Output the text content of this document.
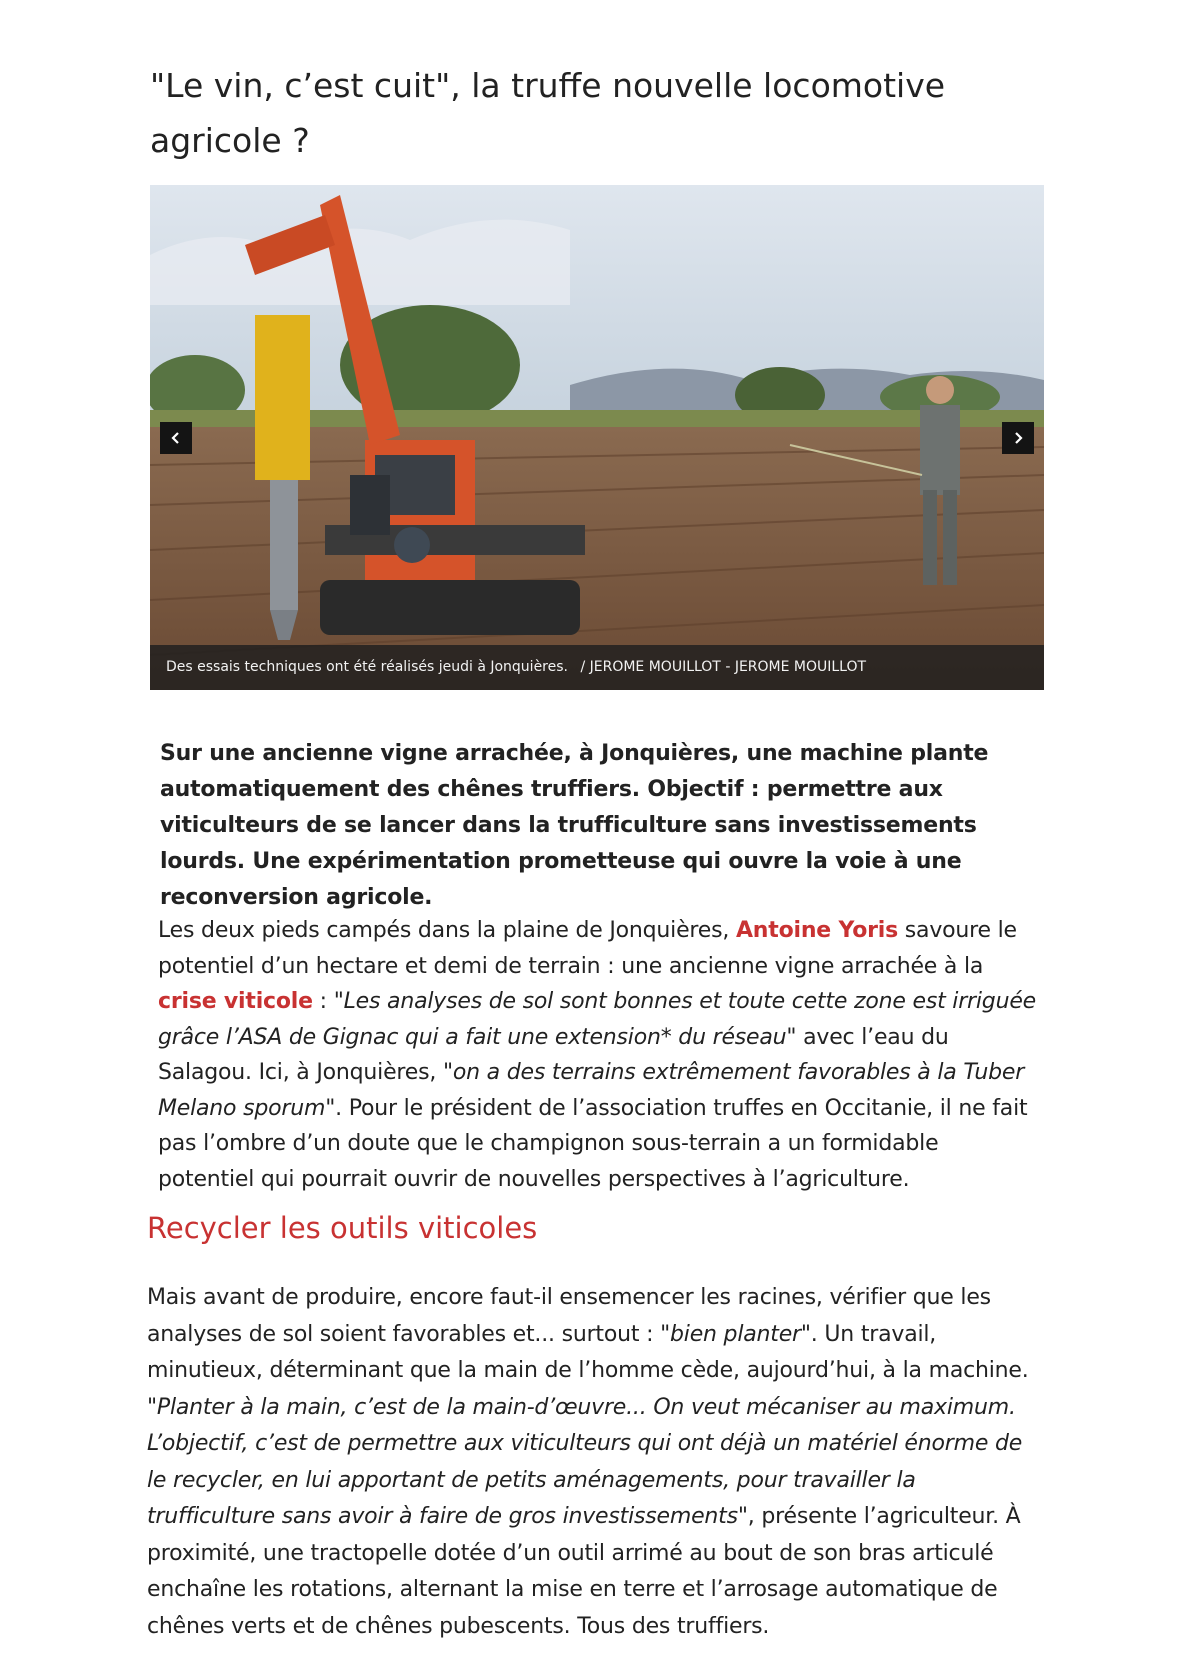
"Le vin, c’est cuit", la truffe nouvelle locomotive agricole ?
Des essais techniques ont été réalisés jeudi à Jonquières. / JEROME MOUILLOT - JEROME MOUILLOT

Sur une ancienne vigne arrachée, à Jonquières, une machine plante automatiquement des chênes truffiers. Objectif : permettre aux viticulteurs de se lancer dans la trufficulture sans investissements lourds. Une expérimentation prometteuse qui ouvre la voie à une reconversion agricole.

Les deux pieds campés dans la plaine de Jonquières, Antoine Yoris savoure le potentiel d’un hectare et demi de terrain : une ancienne vigne arrachée à la crise viticole : "Les analyses de sol sont bonnes et toute cette zone est irriguée grâce l’ASA de Gignac qui a fait une extension* du réseau" avec l’eau du Salagou. Ici, à Jonquières, "on a des terrains extrêmement favorables à la Tuber Melano sporum". Pour le président de l’association truffes en Occitanie, il ne fait pas l’ombre d’un doute que le champignon sous-terrain a un formidable potentiel qui pourrait ouvrir de nouvelles perspectives à l’agriculture.

Recycler les outils viticoles

Mais avant de produire, encore faut-il ensemencer les racines, vérifier que les analyses de sol soient favorables et... surtout : "bien planter". Un travail, minutieux, déterminant que la main de l’homme cède, aujourd’hui, à la machine. "Planter à la main, c’est de la main-d’œuvre... On veut mécaniser au maximum. L’objectif, c’est de permettre aux viticulteurs qui ont déjà un matériel énorme de le recycler, en lui apportant de petits aménagements, pour travailler la trufficulture sans avoir à faire de gros investissements", présente l’agriculteur. À proximité, une tractopelle dotée d’un outil arrimé au bout de son bras articulé enchaîne les rotations, alternant la mise en terre et l’arrosage automatique de chênes verts et de chênes pubescents. Tous des truffiers.
